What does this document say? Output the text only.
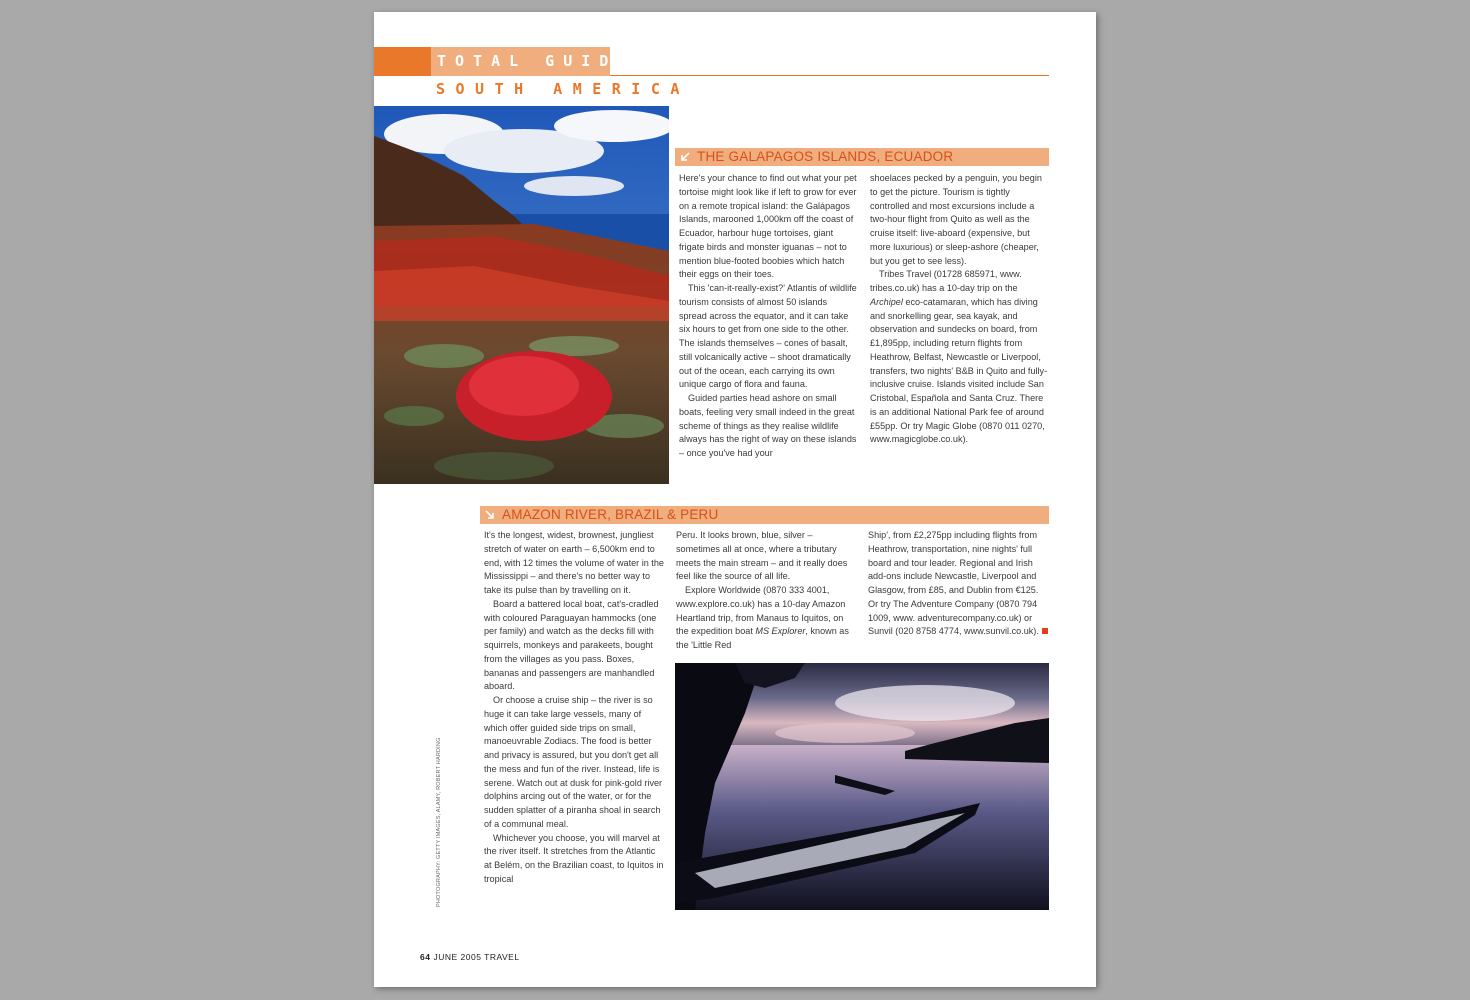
TOTAL GUIDE
SOUTH AMERICA
THE GALAPAGOS ISLANDS, ECUADOR

Here's your chance to find out what your pet tortoise might look like if left to grow for ever on a remote tropical island: the Galápagos Islands, marooned 1,000km off the coast of Ecuador, harbour huge tortoises, giant frigate birds and monster iguanas – not to mention blue-footed boobies which hatch their eggs on their toes.

This 'can-it-really-exist?' Atlantis of wildlife tourism consists of almost 50 islands spread across the equator, and it can take six hours to get from one side to the other. The islands themselves – cones of basalt, still volcanically active – shoot dramatically out of the ocean, each carrying its own unique cargo of flora and fauna.

Guided parties head ashore on small boats, feeling very small indeed in the great scheme of things as they realise wildlife always has the right of way on these islands – once you've had your

shoelaces pecked by a penguin, you begin to get the picture. Tourism is tightly controlled and most excursions include a two-hour flight from Quito as well as the cruise itself: live-aboard (expensive, but more luxurious) or sleep-ashore (cheaper, but you get to see less).

Tribes Travel (01728 685971, www. tribes.co.uk) has a 10-day trip on the Archipel eco-catamaran, which has diving and snorkelling gear, sea kayak, and observation and sundecks on board, from £1,895pp, including return flights from Heathrow, Belfast, Newcastle or Liverpool, transfers, two nights' B&B in Quito and fully-inclusive cruise. Islands visited include San Cristobal, Española and Santa Cruz. There is an additional National Park fee of around £55pp. Or try Magic Globe (0870 011 0270, www.magicglobe.co.uk).

AMAZON RIVER, BRAZIL & PERU

It's the longest, widest, brownest, jungliest stretch of water on earth – 6,500km end to end, with 12 times the volume of water in the Mississippi – and there's no better way to take its pulse than by travelling on it.

Board a battered local boat, cat's-cradled with coloured Paraguayan hammocks (one per family) and watch as the decks fill with squirrels, monkeys and parakeets, bought from the villages as you pass. Boxes, bananas and passengers are manhandled aboard.

Or choose a cruise ship – the river is so huge it can take large vessels, many of which offer guided side trips on small, manoeuvrable Zodiacs. The food is better and privacy is assured, but you don't get all the mess and fun of the river. Instead, life is serene. Watch out at dusk for pink-gold river dolphins arcing out of the water, or for the sudden splatter of a piranha shoal in search of a communal meal.

Whichever you choose, you will marvel at the river itself. It stretches from the Atlantic at Belém, on the Brazilian coast, to Iquitos in tropical

Peru. It looks brown, blue, silver – sometimes all at once, where a tributary meets the main stream – and it really does feel like the source of all life.

Explore Worldwide (0870 333 4001, www.explore.co.uk) has a 10-day Amazon Heartland trip, from Manaus to Iquitos, on the expedition boat MS Explorer, known as the 'Little Red

Ship', from £2,275pp including flights from Heathrow, transportation, nine nights' full board and tour leader. Regional and Irish add-ons include Newcastle, Liverpool and Glasgow, from £85, and Dublin from €125. Or try The Adventure Company (0870 794 1009, www. adventurecompany.co.uk) or Sunvil (020 8758 4774, www.sunvil.co.uk).

PHOTOGRAPHY: GETTY IMAGES, ALAMY, ROBERT HARDING
64 JUNE 2005 TRAVEL
